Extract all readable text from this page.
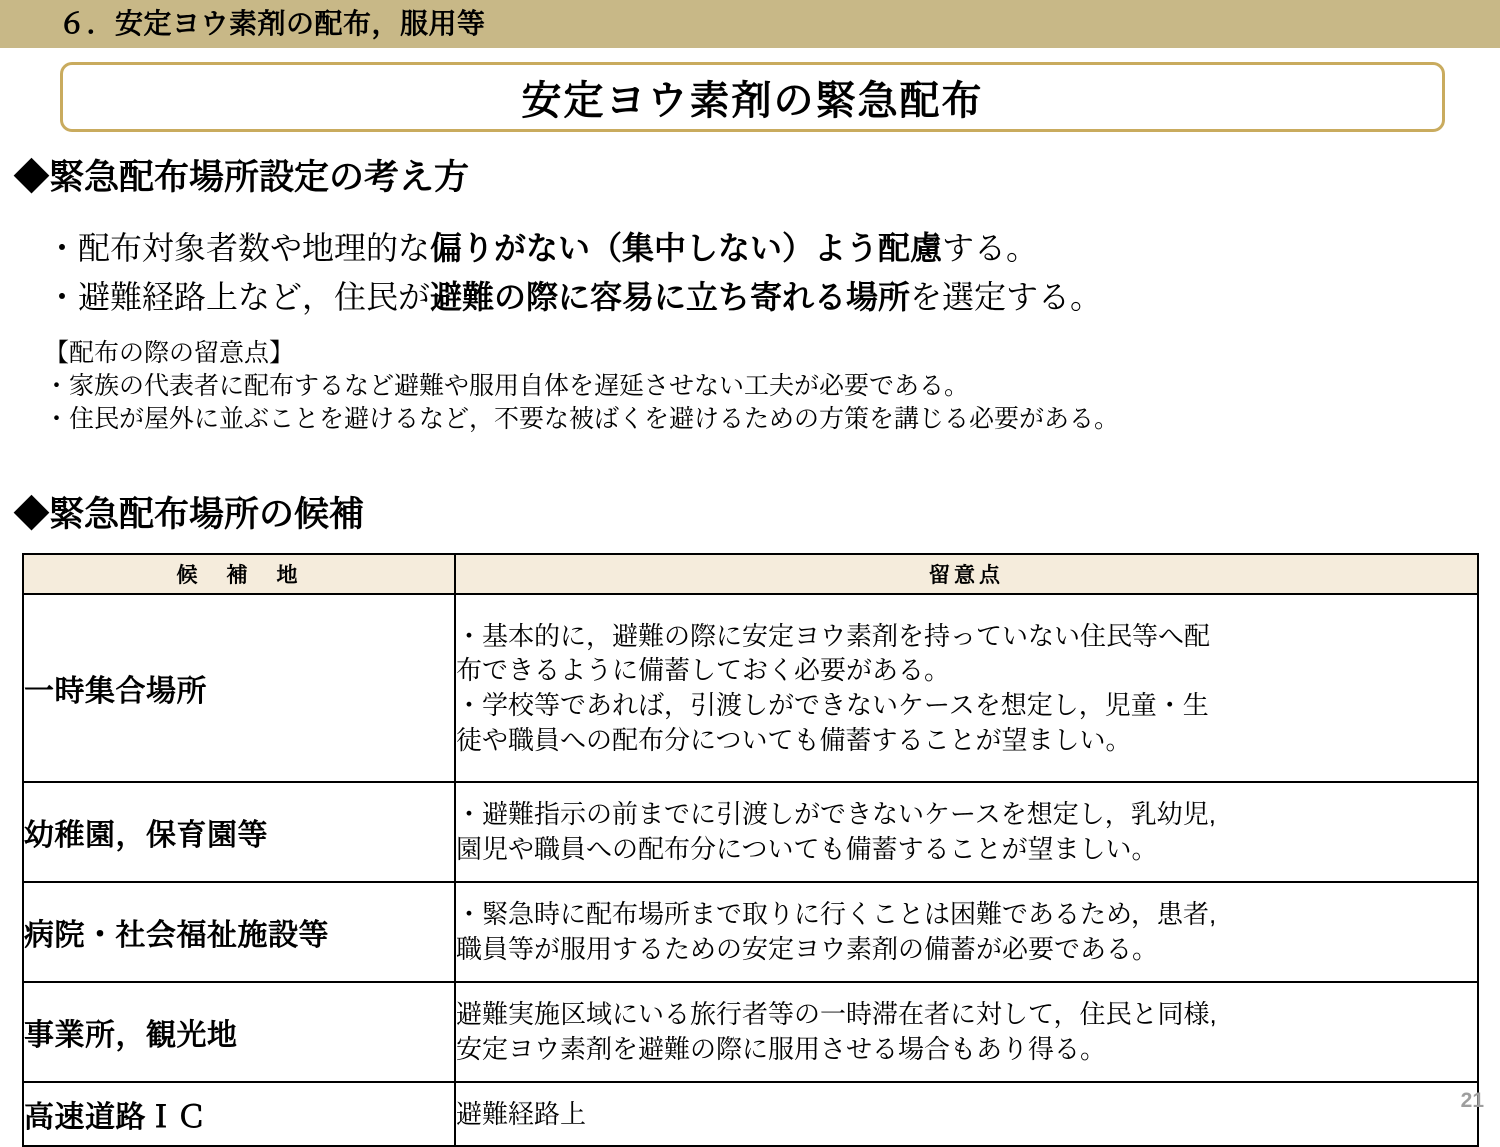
６．安定ヨウ素剤の配布，服用等
安定ヨウ素剤の緊急配布
◆緊急配布場所設定の考え方
・配布対象者数や地理的な偏りがない（集中しない）よう配慮する。
・避難経路上など，住民が避難の際に容易に立ち寄れる場所を選定する。
【配布の際の留意点】
・家族の代表者に配布するなど避難や服用自体を遅延させない工夫が必要である。
・住民が屋外に並ぶことを避けるなど，不要な被ばくを避けるための方策を講じる必要がある。
◆緊急配布場所の候補
候　補　地	留意点
一時集合場所	・基本的に，避難の際に安定ヨウ素剤を持っていない住民等へ配
布できるように備蓄しておく必要がある。
・学校等であれば，引渡しができないケースを想定し，児童・生
徒や職員への配布分についても備蓄することが望ましい。

幼稚園，保育園等	・避難指示の前までに引渡しができないケースを想定し，乳幼児,
園児や職員への配布分についても備蓄することが望ましい。

病院・社会福祉施設等	・緊急時に配布場所まで取りに行くことは困難であるため，患者,
職員等が服用するための安定ヨウ素剤の備蓄が必要である。

事業所，観光地	避難実施区域にいる旅行者等の一時滞在者に対して，住民と同様,
安定ヨウ素剤を避難の際に服用させる場合もあり得る。

高速道路ＩＣ	避難経路上	21
